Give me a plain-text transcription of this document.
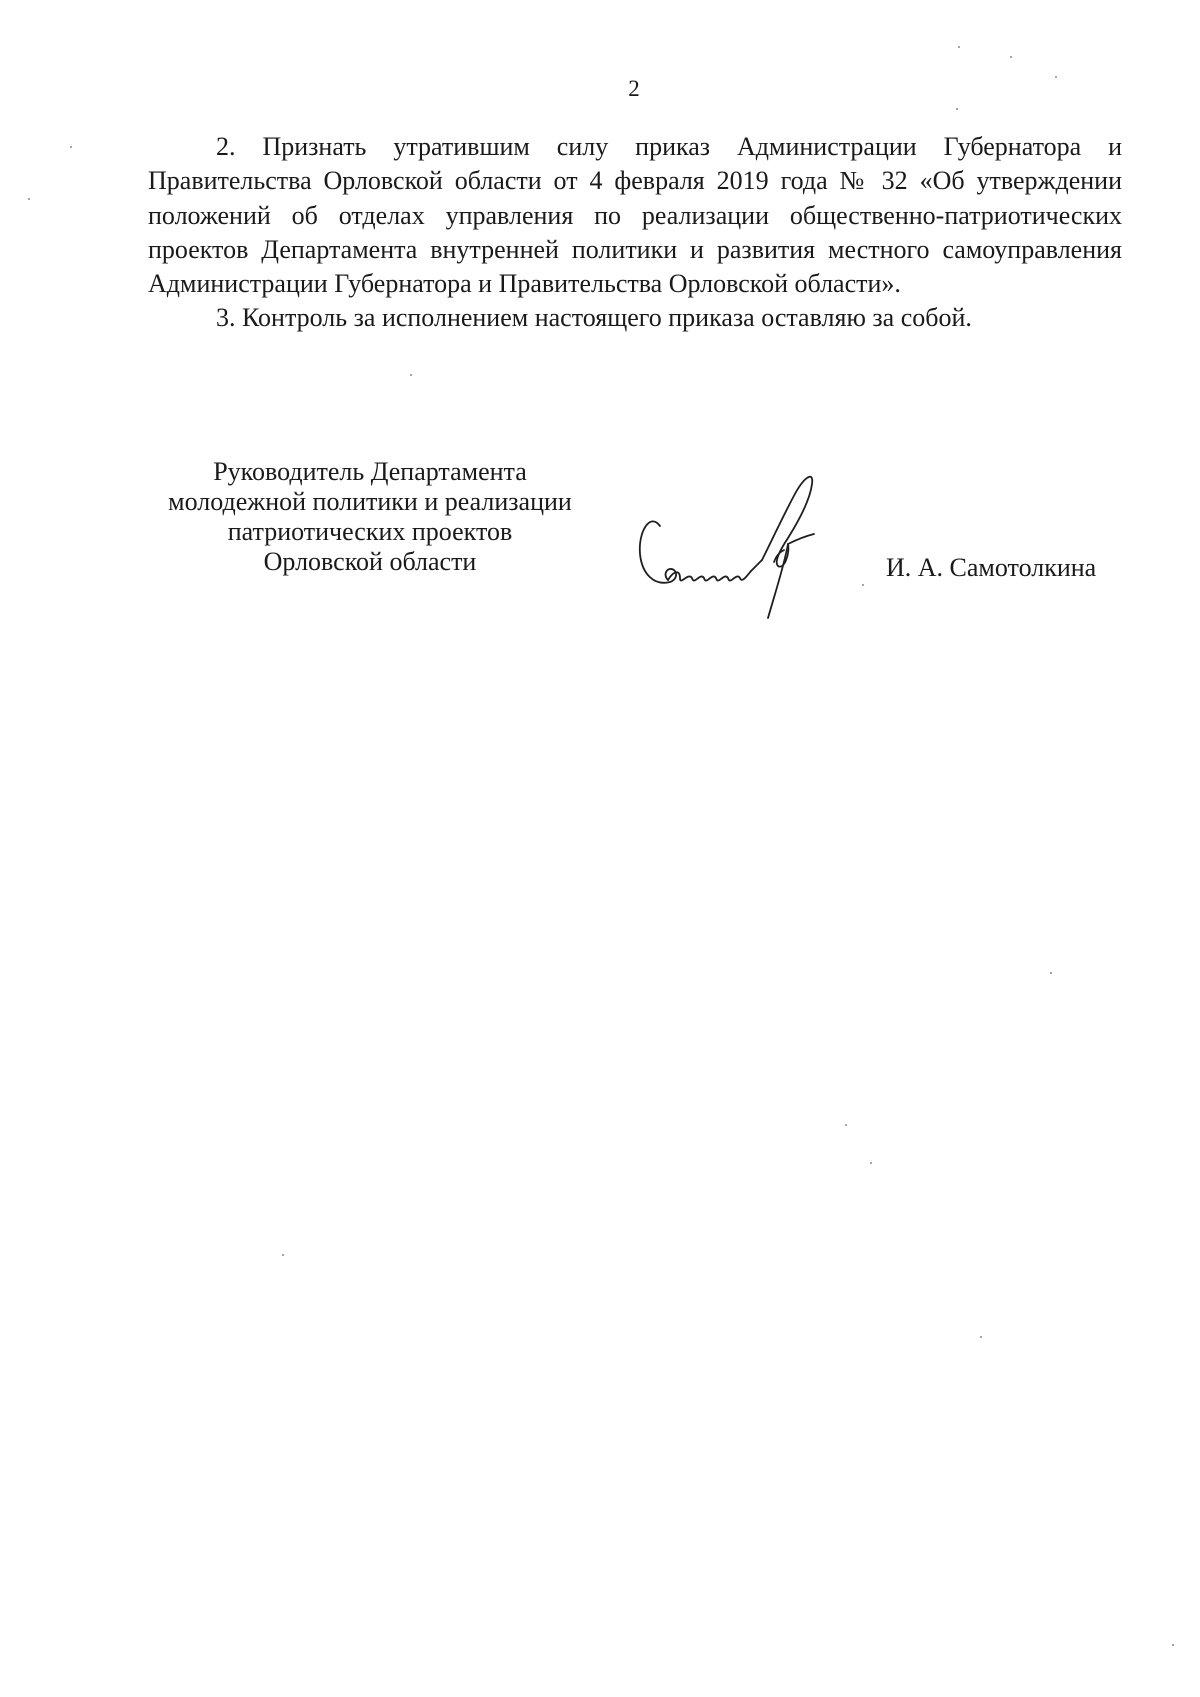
2

2. Признать утратившим силу приказ Администрации Губернатора и Правительства Орловской области от 4 февраля 2019 года № 32 «Об утверждении положений об отделах управления по реализации общественно-патриотических проектов Департамента внутренней политики и развития местного самоуправления Администрации Губернатора и Правительства Орловской области».

3. Контроль за исполнением настоящего приказа оставляю за собой.

Руководитель Департамента
молодежной политики и реализации
патриотических проектов
Орловской области	И. А. Самотолкина
